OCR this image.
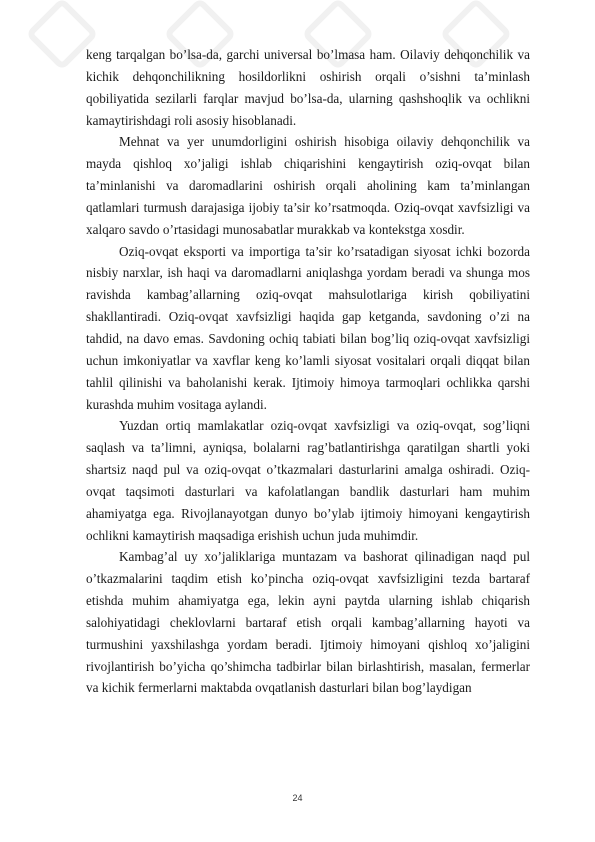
keng tarqalgan bo’lsa-da, garchi universal bo’lmasa ham. Oilaviy dehqonchilik va kichik dehqonchilikning hosildorlikni oshirish orqali o’sishni ta’minlash qobiliyatida sezilarli farqlar mavjud bo’lsa-da, ularning qashshoqlik va ochlikni kamaytirishdagi roli asosiy hisoblanadi.

Mehnat va yer unumdorligini oshirish hisobiga oilaviy dehqonchilik va mayda qishloq xo’jaligi ishlab chiqarishini kengaytirish oziq-ovqat bilan ta’minlanishi va daromadlarini oshirish orqali aholining kam ta’minlangan qatlamlari turmush darajasiga ijobiy ta’sir ko’rsatmoqda. Oziq-ovqat xavfsizligi va xalqaro savdo o’rtasidagi munosabatlar murakkab va kontekstga xosdir.

Oziq-ovqat eksporti va importiga ta’sir ko’rsatadigan siyosat ichki bozorda nisbiy narxlar, ish haqi va daromadlarni aniqlashga yordam beradi va shunga mos ravishda kambag’allarning oziq-ovqat mahsulotlariga kirish qobiliyatini shakllantiradi. Oziq-ovqat xavfsizligi haqida gap ketganda, savdoning o’zi na tahdid, na davo emas. Savdoning ochiq tabiati bilan bog’liq oziq-ovqat xavfsizligi uchun imkoniyatlar va xavflar keng ko’lamli siyosat vositalari orqali diqqat bilan tahlil qilinishi va baholanishi kerak. Ijtimoiy himoya tarmoqlari ochlikka qarshi kurashda muhim vositaga aylandi.

Yuzdan ortiq mamlakatlar oziq-ovqat xavfsizligi va oziq-ovqat, sog’liqni saqlash va ta’limni, ayniqsa, bolalarni rag’batlantirishga qaratilgan shartli yoki shartsiz naqd pul va oziq-ovqat o’tkazmalari dasturlarini amalga oshiradi. Oziq-ovqat taqsimoti dasturlari va kafolatlangan bandlik dasturlari ham muhim ahamiyatga ega. Rivojlanayotgan dunyo bo’ylab ijtimoiy himoyani kengaytirish ochlikni kamaytirish maqsadiga erishish uchun juda muhimdir.

Kambag’al uy xo’jaliklariga muntazam va bashorat qilinadigan naqd pul o’tkazmalarini taqdim etish ko’pincha oziq-ovqat xavfsizligini tezda bartaraf etishda muhim ahamiyatga ega, lekin ayni paytda ularning ishlab chiqarish salohiyatidagi cheklovlarni bartaraf etish orqali kambag’allarning hayoti va turmushini yaxshilashga yordam beradi. Ijtimoiy himoyani qishloq xo’jaligini rivojlantirish bo’yicha qo’shimcha tadbirlar bilan birlashtirish, masalan, fermerlar va kichik fermerlarni maktabda ovqatlanish dasturlari bilan bog’laydigan

24
